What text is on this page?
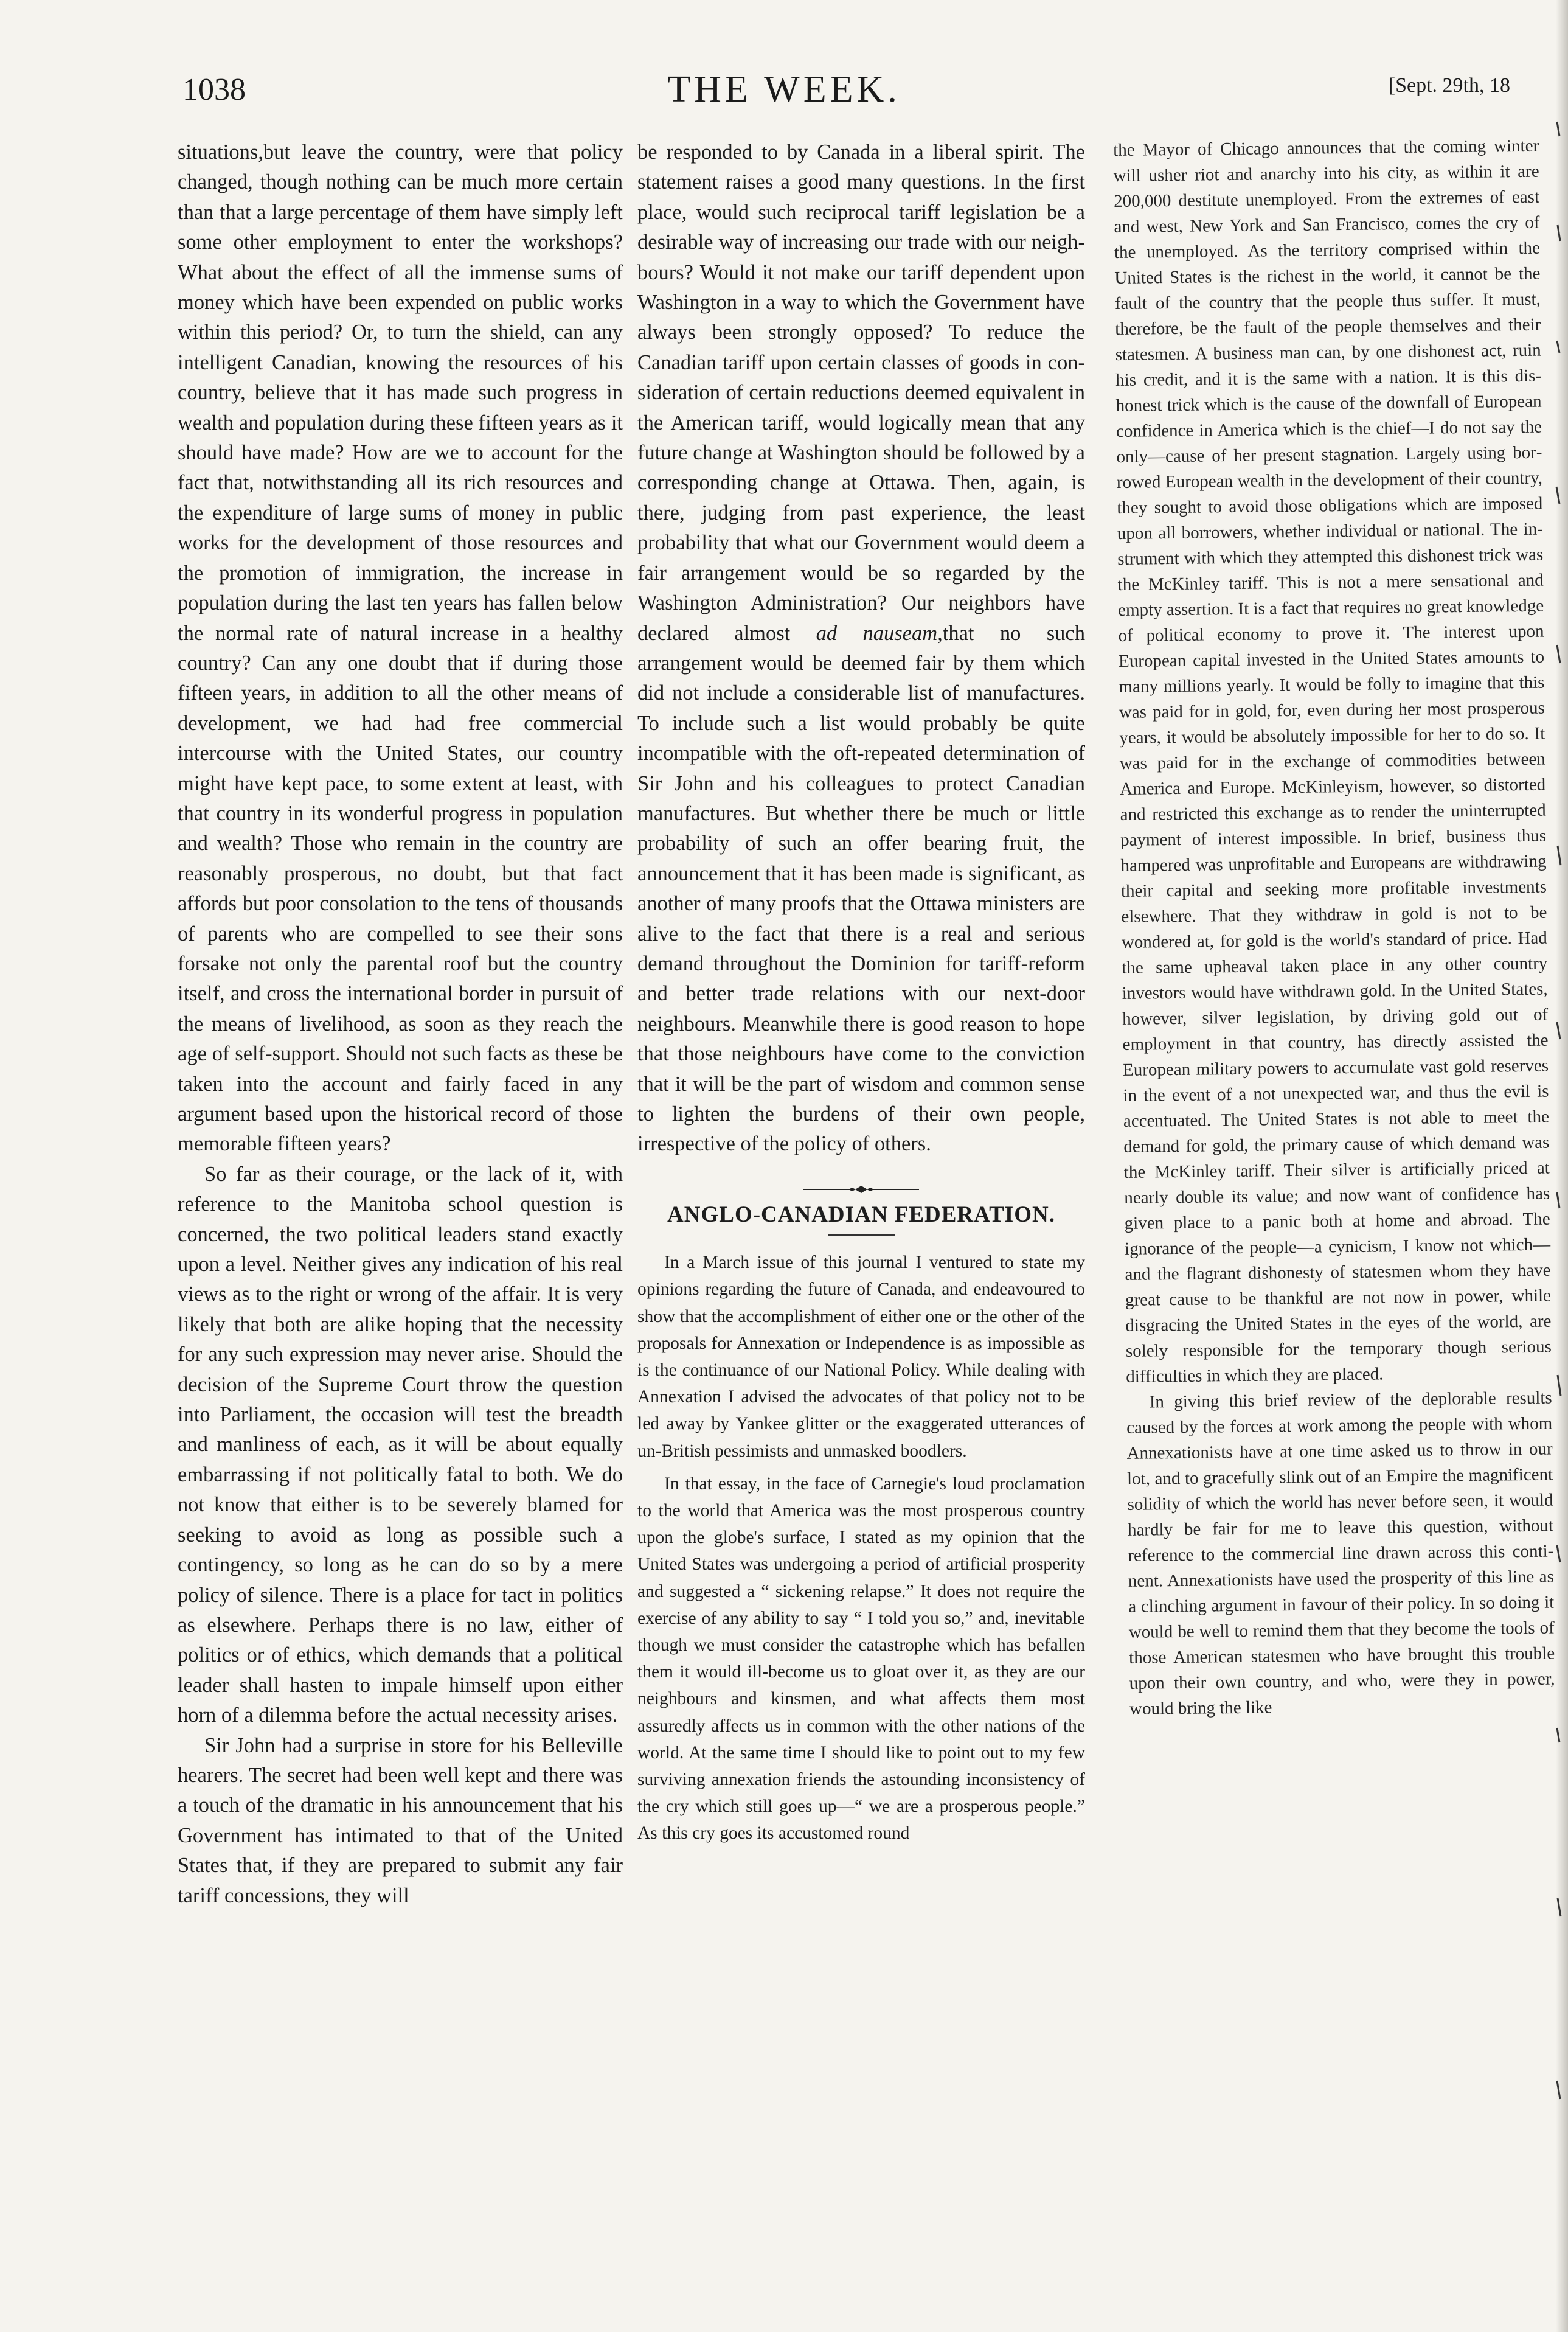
1038	THE WEEK.	[Sept. 29th, 18

situations,but leave the country, were that policy changed, though nothing can be much more certain than that a large percentage of them have simply left some other employment to enter the workshops? What about the effect of all the immense sums of money which have been expended on public works within this period? Or, to turn the shield, can any intelligent Canadian, knowing the resources of his country, believe that it has made such progress in wealth and population during these fifteen years as it should have made? How are we to account for the fact that, notwithstanding all its rich resources and the expenditure of large sums of money in public works for the development of those resources and the promotion of immigration, the increase in population during the last ten years has fallen below the normal rate of natural increase in a healthy country? Can any one doubt that if during those fifteen years, in addition to all the other means of development, we had had free commercial intercourse with the United States, our country might have kept pace, to some extent at least, with that country in its wonderful progress in population and wealth? Those who remain in the country are reasonably prosperous, no doubt, but that fact affords but poor consolation to the tens of thousands of parents who are compelled to see their sons forsake not only the parental roof but the country itself, and cross the international border in pursuit of the means of livelihood, as soon as they reach the age of self-support. Should not such facts as these be taken into the account and fairly faced in any argument based upon the historical record of those memorable fifteen years?

So far as their courage, or the lack of it, with reference to the Manitoba school question is concerned, the two political leaders stand exactly upon a level. Neither gives any indication of his real views as to the right or wrong of the affair. It is very likely that both are alike hoping that the necessity for any such expression may never arise. Should the decision of the Supreme Court throw the question into Parliament, the occasion will test the breadth and manliness of each, as it will be about equally embarrassing if not politically fatal to both. We do not know that either is to be severely blamed for seeking to avoid as long as possible such a contingency, so long as he can do so by a mere policy of silence. There is a place for tact in politics as elsewhere. Perhaps there is no law, either of politics or of ethics, which demands that a political leader shall hasten to impale himself upon either horn of a dilemma before the actual necessity arises.

Sir John had a surprise in store for his Belleville hearers. The secret had been well kept and there was a touch of the dramatic in his announcement that his Government has intimated to that of the United States that, if they are prepared to submit any fair tariff concessions, they will

be responded to by Canada in a liberal spirit. The statement raises a good many questions. In the first place, would such reciprocal tariff legislation be a desirable way of increasing our trade with our neighbours? Would it not make our tariff dependent upon Washington in a way to which the Government have always been strongly opposed? To reduce the Canadian tariff upon certain classes of goods in consideration of certain reductions deemed equivalent in the American tariff, would logically mean that any future change at Washington should be followed by a corresponding change at Ottawa. Then, again, is there, judging from past experience, the least probability that what our Government would deem a fair arrangement would be so regarded by the Washington Administration? Our neighbors have declared almost ad nauseam,that no such arrangement would be deemed fair by them which did not include a considerable list of manufactures. To include such a list would probably be quite incompatible with the oft-repeated determination of Sir John and his colleagues to protect Canadian manufactures. But whether there be much or little probability of such an offer bearing fruit, the announcement that it has been made is significant, as another of many proofs that the Ottawa ministers are alive to the fact that there is a real and serious demand throughout the Dominion for tariff-reform and better trade relations with our next-door neighbours. Meanwhile there is good reason to hope that those neighbours have come to the conviction that it will be the part of wisdom and common sense to lighten the burdens of their own people, irrespective of the policy of others.

ANGLO-CANADIAN FEDERATION.

In a March issue of this journal I ventured to state my opinions regarding the future of Canada, and endeavoured to show that the accomplishment of either one or the other of the proposals for Annexation or Independence is as impossible as is the continuance of our National Policy. While dealing with Annexation I advised the advocates of that policy not to be led away by Yankee glitter or the exaggerated utterances of un-British pessimists and unmasked boodlers.

In that essay, in the face of Carnegie's loud proclamation to the world that America was the most prosperous country upon the globe's surface, I stated as my opinion that the United States was undergoing a period of artificial prosperity and suggested a “ sickening relapse.” It does not require the exercise of any ability to say “ I told you so,” and, inevitable though we must consider the catastrophe which has befallen them it would ill-become us to gloat over it, as they are our neighbours and kinsmen, and what affects them most assuredly affects us in common with the other nations of the world. At the same time I should like to point out to my few surviving annexation friends the astounding inconsistency of the cry which still goes up—“ we are a prosperous people.” As this cry goes its accustomed round

the Mayor of Chicago announces that the coming winter will usher riot and anarchy into his city, as within it are 200,000 destitute unemployed. From the extremes of east and west, New York and San Francisco, comes the cry of the unemployed. As the territory comprised within the United States is the richest in the world, it cannot be the fault of the country that the people thus suffer. It must, therefore, be the fault of the people themselves and their statesmen. A business man can, by one dishonest act, ruin his credit, and it is the same with a nation. It is this dishonest trick which is the cause of the downfall of European confidence in America which is the chief—I do not say the only—cause of her present stagnation. Largely using borrowed European wealth in the development of their country, they sought to avoid those obligations which are imposed upon all borrowers, whether individual or national. The instrument with which they attempted this dishonest trick was the McKinley tariff. This is not a mere sensational and empty assertion. It is a fact that requires no great knowledge of political economy to prove it. The interest upon European capital invested in the United States amounts to many millions yearly. It would be folly to imagine that this was paid for in gold, for, even during her most prosperous years, it would be absolutely impossible for her to do so. It was paid for in the exchange of commodities between America and Europe. McKinleyism, however, so distorted and restricted this exchange as to render the uninterrupted payment of interest impossible. In brief, business thus hampered was unprofitable and Europeans are withdrawing their capital and seeking more profitable investments elsewhere. That they withdraw in gold is not to be wondered at, for gold is the world's standard of price. Had the same upheaval taken place in any other country investors would have withdrawn gold. In the United States, however, silver legislation, by driving gold out of employment in that country, has directly assisted the European military powers to accumulate vast gold reserves in the event of a not unexpected war, and thus the evil is accentuated. The United States is not able to meet the demand for gold, the primary cause of which demand was the McKinley tariff. Their silver is artificially priced at nearly double its value; and now want of confidence has given place to a panic both at home and abroad. The ignorance of the people—a cynicism, I know not which—and the flagrant dishonesty of statesmen whom they have great cause to be thankful are not now in power, while disgracing the United States in the eyes of the world, are solely responsible for the temporary though serious difficulties in which they are placed.

In giving this brief review of the deplorable results caused by the forces at work among the people with whom Annexationists have at one time asked us to throw in our lot, and to gracefully slink out of an Empire the magnificent solidity of which the world has never before seen, it would hardly be fair for me to leave this question, without reference to the commercial line drawn across this continent. Annexationists have used the prosperity of this line as a clinching argument in favour of their policy. In so doing it would be well to remind them that they become the tools of those American statesmen who have brought this trouble upon their own country, and who, were they in power, would bring the like
